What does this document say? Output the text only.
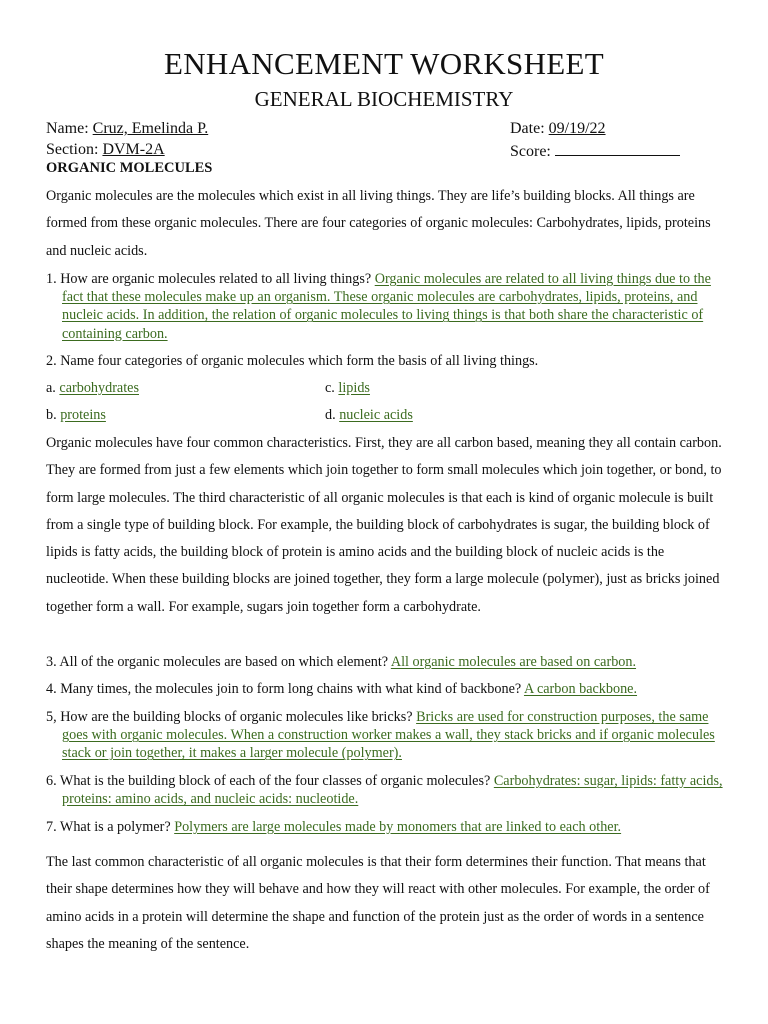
ENHANCEMENT WORKSHEET
GENERAL BIOCHEMISTRY
Name: Cruz, Emelinda P.
Section: DVM-2A
Date: 09/19/22
Score:
ORGANIC MOLECULES

Organic molecules are the molecules which exist in all living things. They are life’s building blocks. All things are formed from these organic molecules. There are four categories of organic molecules: Carbohydrates, lipids, proteins and nucleic acids.

1. How are organic molecules related to all living things? Organic molecules are related to all living things due to the fact that these molecules make up an organism. These organic molecules are carbohydrates, lipids, proteins, and nucleic acids. In addition, the relation of organic molecules to living things is that both share the characteristic of containing carbon.

2. Name four categories of organic molecules which form the basis of all living things.

a. carbohydrates	c. lipids
b. proteins	d. nucleic acids

Organic molecules have four common characteristics. First, they are all carbon based, meaning they all contain carbon. They are formed from just a few elements which join together to form small molecules which join together, or bond, to form large molecules. The third characteristic of all organic molecules is that each is kind of organic molecule is built from a single type of building block. For example, the building block of carbohydrates is sugar, the building block of lipids is fatty acids, the building block of protein is amino acids and the building block of nucleic acids is the nucleotide. When these building blocks are joined together, they form a large molecule (polymer), just as bricks joined together form a wall. For example, sugars join together form a carbohydrate.

3. All of the organic molecules are based on which element? All organic molecules are based on carbon.

4. Many times, the molecules join to form long chains with what kind of backbone? A carbon backbone.

5, How are the building blocks of organic molecules like bricks? Bricks are used for construction purposes, the same goes with organic molecules. When a construction worker makes a wall, they stack bricks and if organic molecules stack or join together, it makes a larger molecule (polymer).

6. What is the building block of each of the four classes of organic molecules? Carbohydrates: sugar, lipids: fatty acids, proteins: amino acids, and nucleic acids: nucleotide.

7. What is a polymer? Polymers are large molecules made by monomers that are linked to each other.

The last common characteristic of all organic molecules is that their form determines their function. That means that their shape determines how they will behave and how they will react with other molecules. For example, the order of amino acids in a protein will determine the shape and function of the protein just as the order of words in a sentence shapes the meaning of the sentence.
